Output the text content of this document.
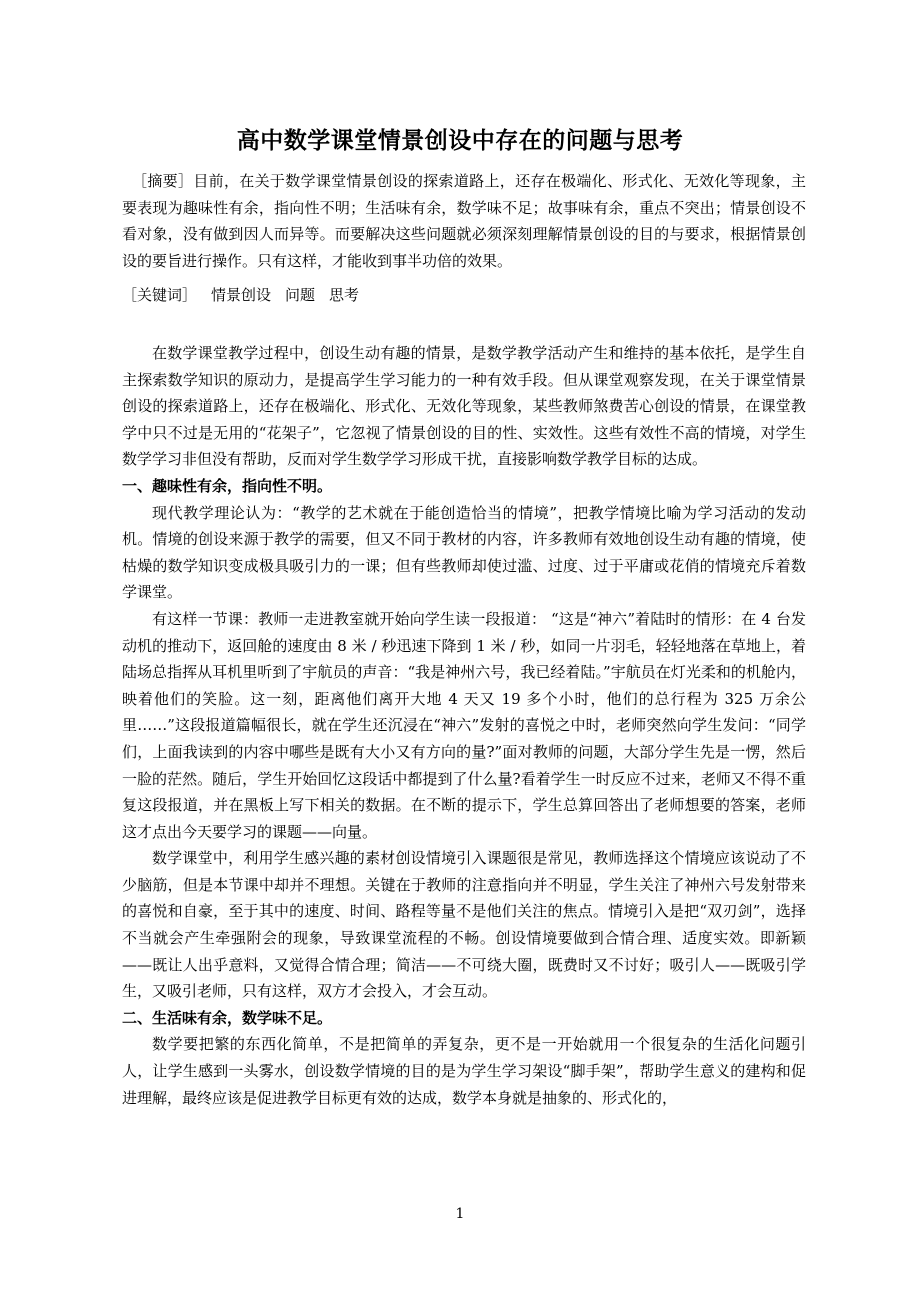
高中数学课堂情景创设中存在的问题与思考
［摘要］目前，在关于数学课堂情景创设的探索道路上，还存在极端化、形式化、无效化等现象，主要表现为趣味性有余，指向性不明；生活味有余，数学味不足；故事味有余，重点不突出；情景创设不看对象，没有做到因人而异等。而要解决这些问题就必须深刻理解情景创设的目的与要求，根据情景创设的要旨进行操作。只有这样，才能收到事半功倍的效果。
［关键词］ 情景创设 问题 思考

在数学课堂教学过程中，创设生动有趣的情景，是数学教学活动产生和维持的基本依托，是学生自主探索数学知识的原动力，是提高学生学习能力的一种有效手段。但从课堂观察发现，在关于课堂情景创设的探索道路上，还存在极端化、形式化、无效化等现象，某些教师煞费苦心创设的情景，在课堂教学中只不过是无用的“花架子”，它忽视了情景创设的目的性、实效性。这些有效性不高的情境，对学生数学学习非但没有帮助，反而对学生数学学习形成干扰，直接影响数学教学目标的达成。

一、趣味性有余，指向性不明。

现代教学理论认为：“教学的艺术就在于能创造恰当的情境”，把教学情境比喻为学习活动的发动机。情境的创设来源于教学的需要，但又不同于教材的内容，许多教师有效地创设生动有趣的情境，使枯燥的数学知识变成极具吸引力的一课；但有些教师却使过滥、过度、过于平庸或花俏的情境充斥着数学课堂。

有这样一节课：教师一走进教室就开始向学生读一段报道： “这是“神六”着陆时的情形：在 4 台发动机的推动下，返回舱的速度由 8 米 / 秒迅速下降到 1 米 / 秒，如同一片羽毛，轻轻地落在草地上，着陆场总指挥从耳机里听到了宇航员的声音：“我是神州六号，我已经着陆。”宇航员在灯光柔和的机舱内，映着他们的笑脸。这一刻，距离他们离开大地 4 天又 19 多个小时，他们的总行程为 325 万余公里……”这段报道篇幅很长，就在学生还沉浸在“神六”发射的喜悦之中时，老师突然向学生发问：“同学们，上面我读到的内容中哪些是既有大小又有方向的量?”面对教师的问题，大部分学生先是一愣，然后一脸的茫然。随后，学生开始回忆这段话中都提到了什么量?看着学生一时反应不过来，老师又不得不重复这段报道，并在黑板上写下相关的数据。在不断的提示下，学生总算回答出了老师想要的答案，老师这才点出今天要学习的课题——向量。

数学课堂中，利用学生感兴趣的素材创设情境引入课题很是常见，教师选择这个情境应该说动了不少脑筋，但是本节课中却并不理想。关键在于教师的注意指向并不明显，学生关注了神州六号发射带来的喜悦和自豪，至于其中的速度、时间、路程等量不是他们关注的焦点。情境引入是把“双刃剑”，选择不当就会产生牵强附会的现象，导致课堂流程的不畅。创设情境要做到合情合理、适度实效。即新颖——既让人出乎意料，又觉得合情合理；简洁——不可绕大圈，既费时又不讨好；吸引人——既吸引学生，又吸引老师，只有这样，双方才会投入，才会互动。

二、生活味有余，数学味不足。

数学要把繁的东西化简单，不是把简单的弄复杂，更不是一开始就用一个很复杂的生活化问题引人，让学生感到一头雾水，创设数学情境的目的是为学生学习架设“脚手架”，帮助学生意义的建构和促进理解，最终应该是促进教学目标更有效的达成，数学本身就是抽象的、形式化的，

1
